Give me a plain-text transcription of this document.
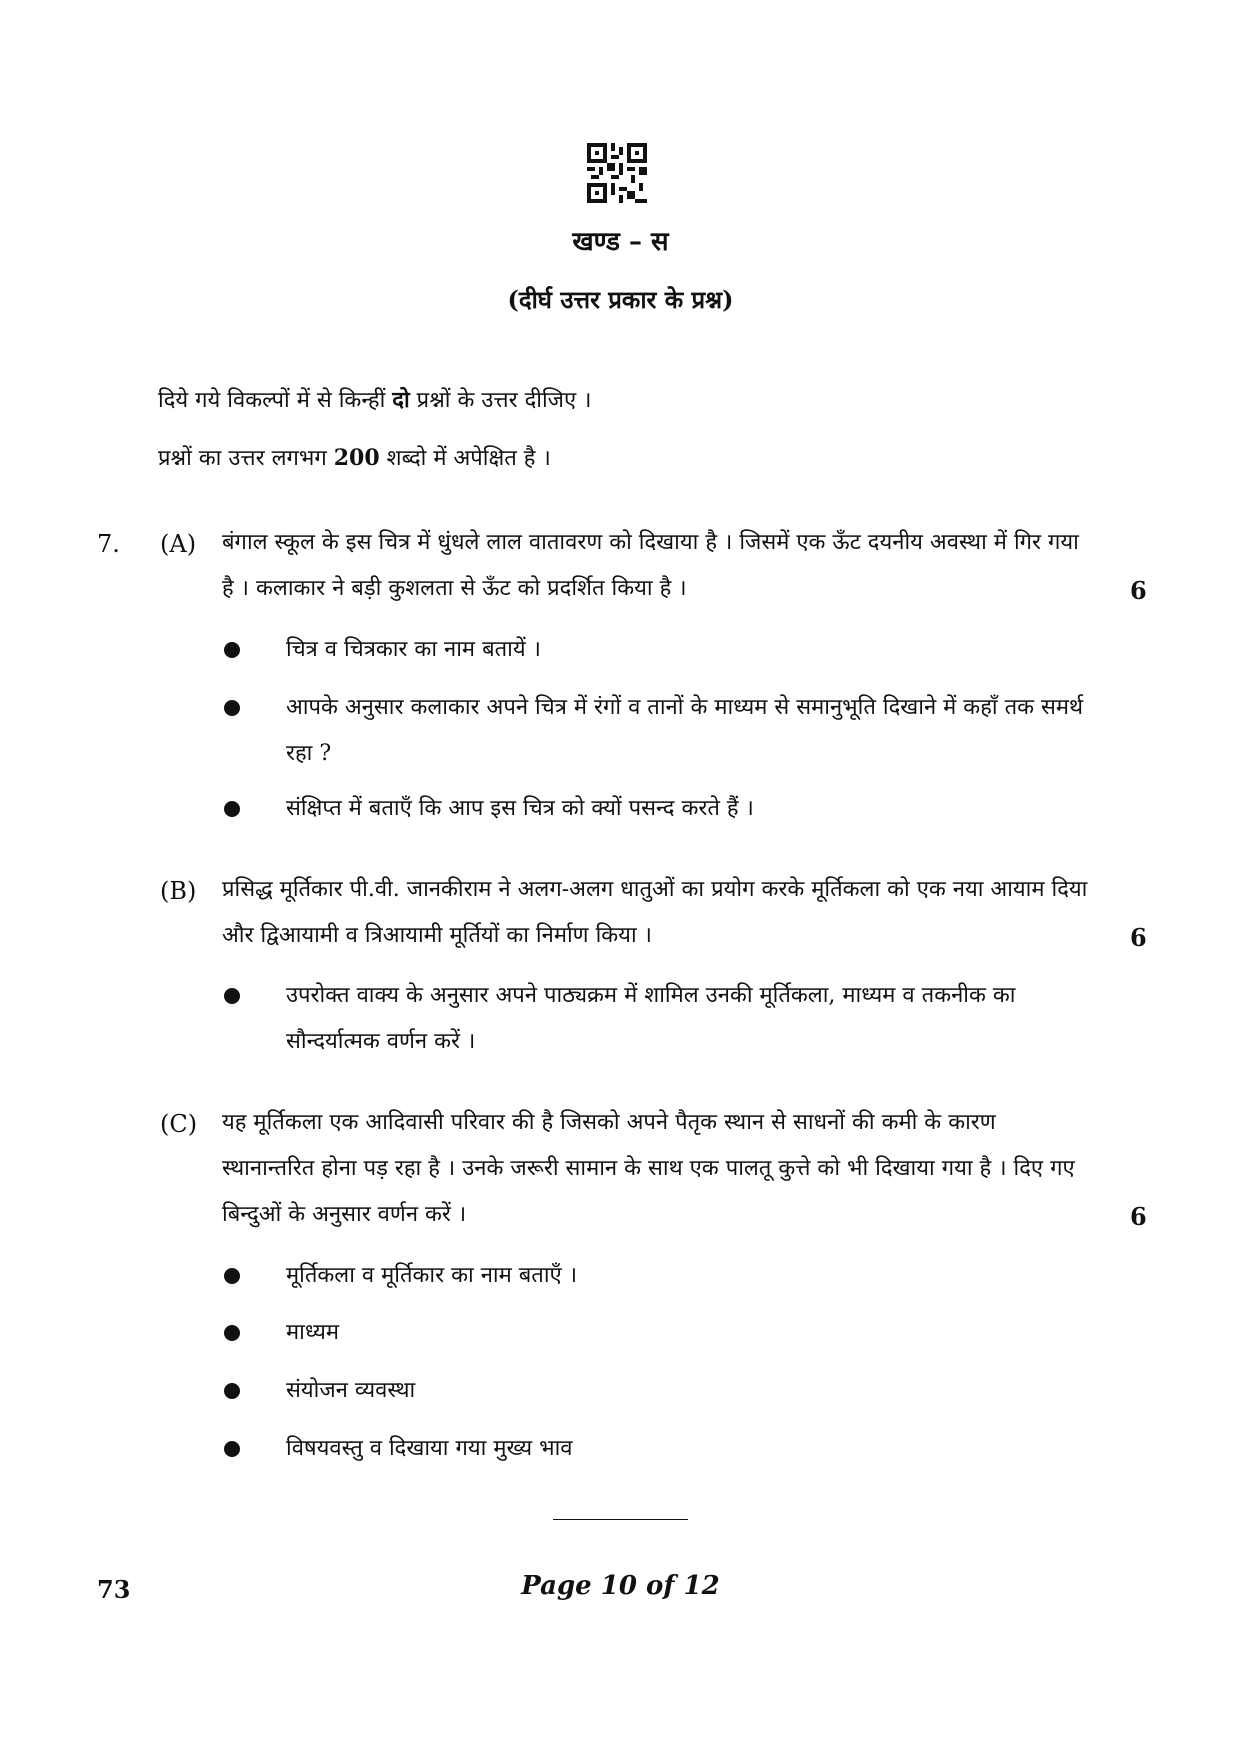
खण्ड – स
(दीर्घ उत्तर प्रकार के प्रश्न)
दिये गये विकल्पों में से किन्हीं दो प्रश्नों के उत्तर दीजिए ।
प्रश्नों का उत्तर लगभग 200 शब्दो में अपेक्षित है ।
7. (A) बंगाल स्कूल के इस चित्र में धुंधले लाल वातावरण को दिखाया है । जिसमें एक ऊँट दयनीय अवस्था में गिर गया है । कलाकार ने बड़ी कुशलता से ऊँट को प्रदर्शित किया है ।	6
चित्र व चित्रकार का नाम बतायें ।
आपके अनुसार कलाकार अपने चित्र में रंगों व तानों के माध्यम से समानुभूति दिखाने में कहाँ तक समर्थ रहा ?
संक्षिप्त में बताएँ कि आप इस चित्र को क्यों पसन्द करते हैं ।
(B) प्रसिद्ध मूर्तिकार पी.वी. जानकीराम ने अलग-अलग धातुओं का प्रयोग करके मूर्तिकला को एक नया आयाम दिया और द्विआयामी व त्रिआयामी मूर्तियों का निर्माण किया ।	6
उपरोक्त वाक्य के अनुसार अपने पाठ्यक्रम में शामिल उनकी मूर्तिकला, माध्यम व तकनीक का सौन्दर्यात्मक वर्णन करें ।
(C) यह मूर्तिकला एक आदिवासी परिवार की है जिसको अपने पैतृक स्थान से साधनों की कमी के कारण स्थानान्तरित होना पड़ रहा है । उनके जरूरी सामान के साथ एक पालतू कुत्ते को भी दिखाया गया है । दिए गए बिन्दुओं के अनुसार वर्णन करें ।	6
मूर्तिकला व मूर्तिकार का नाम बताएँ ।
माध्यम
संयोजन व्यवस्था
विषयवस्तु व दिखाया गया मुख्य भाव
73	Page 10 of 12
